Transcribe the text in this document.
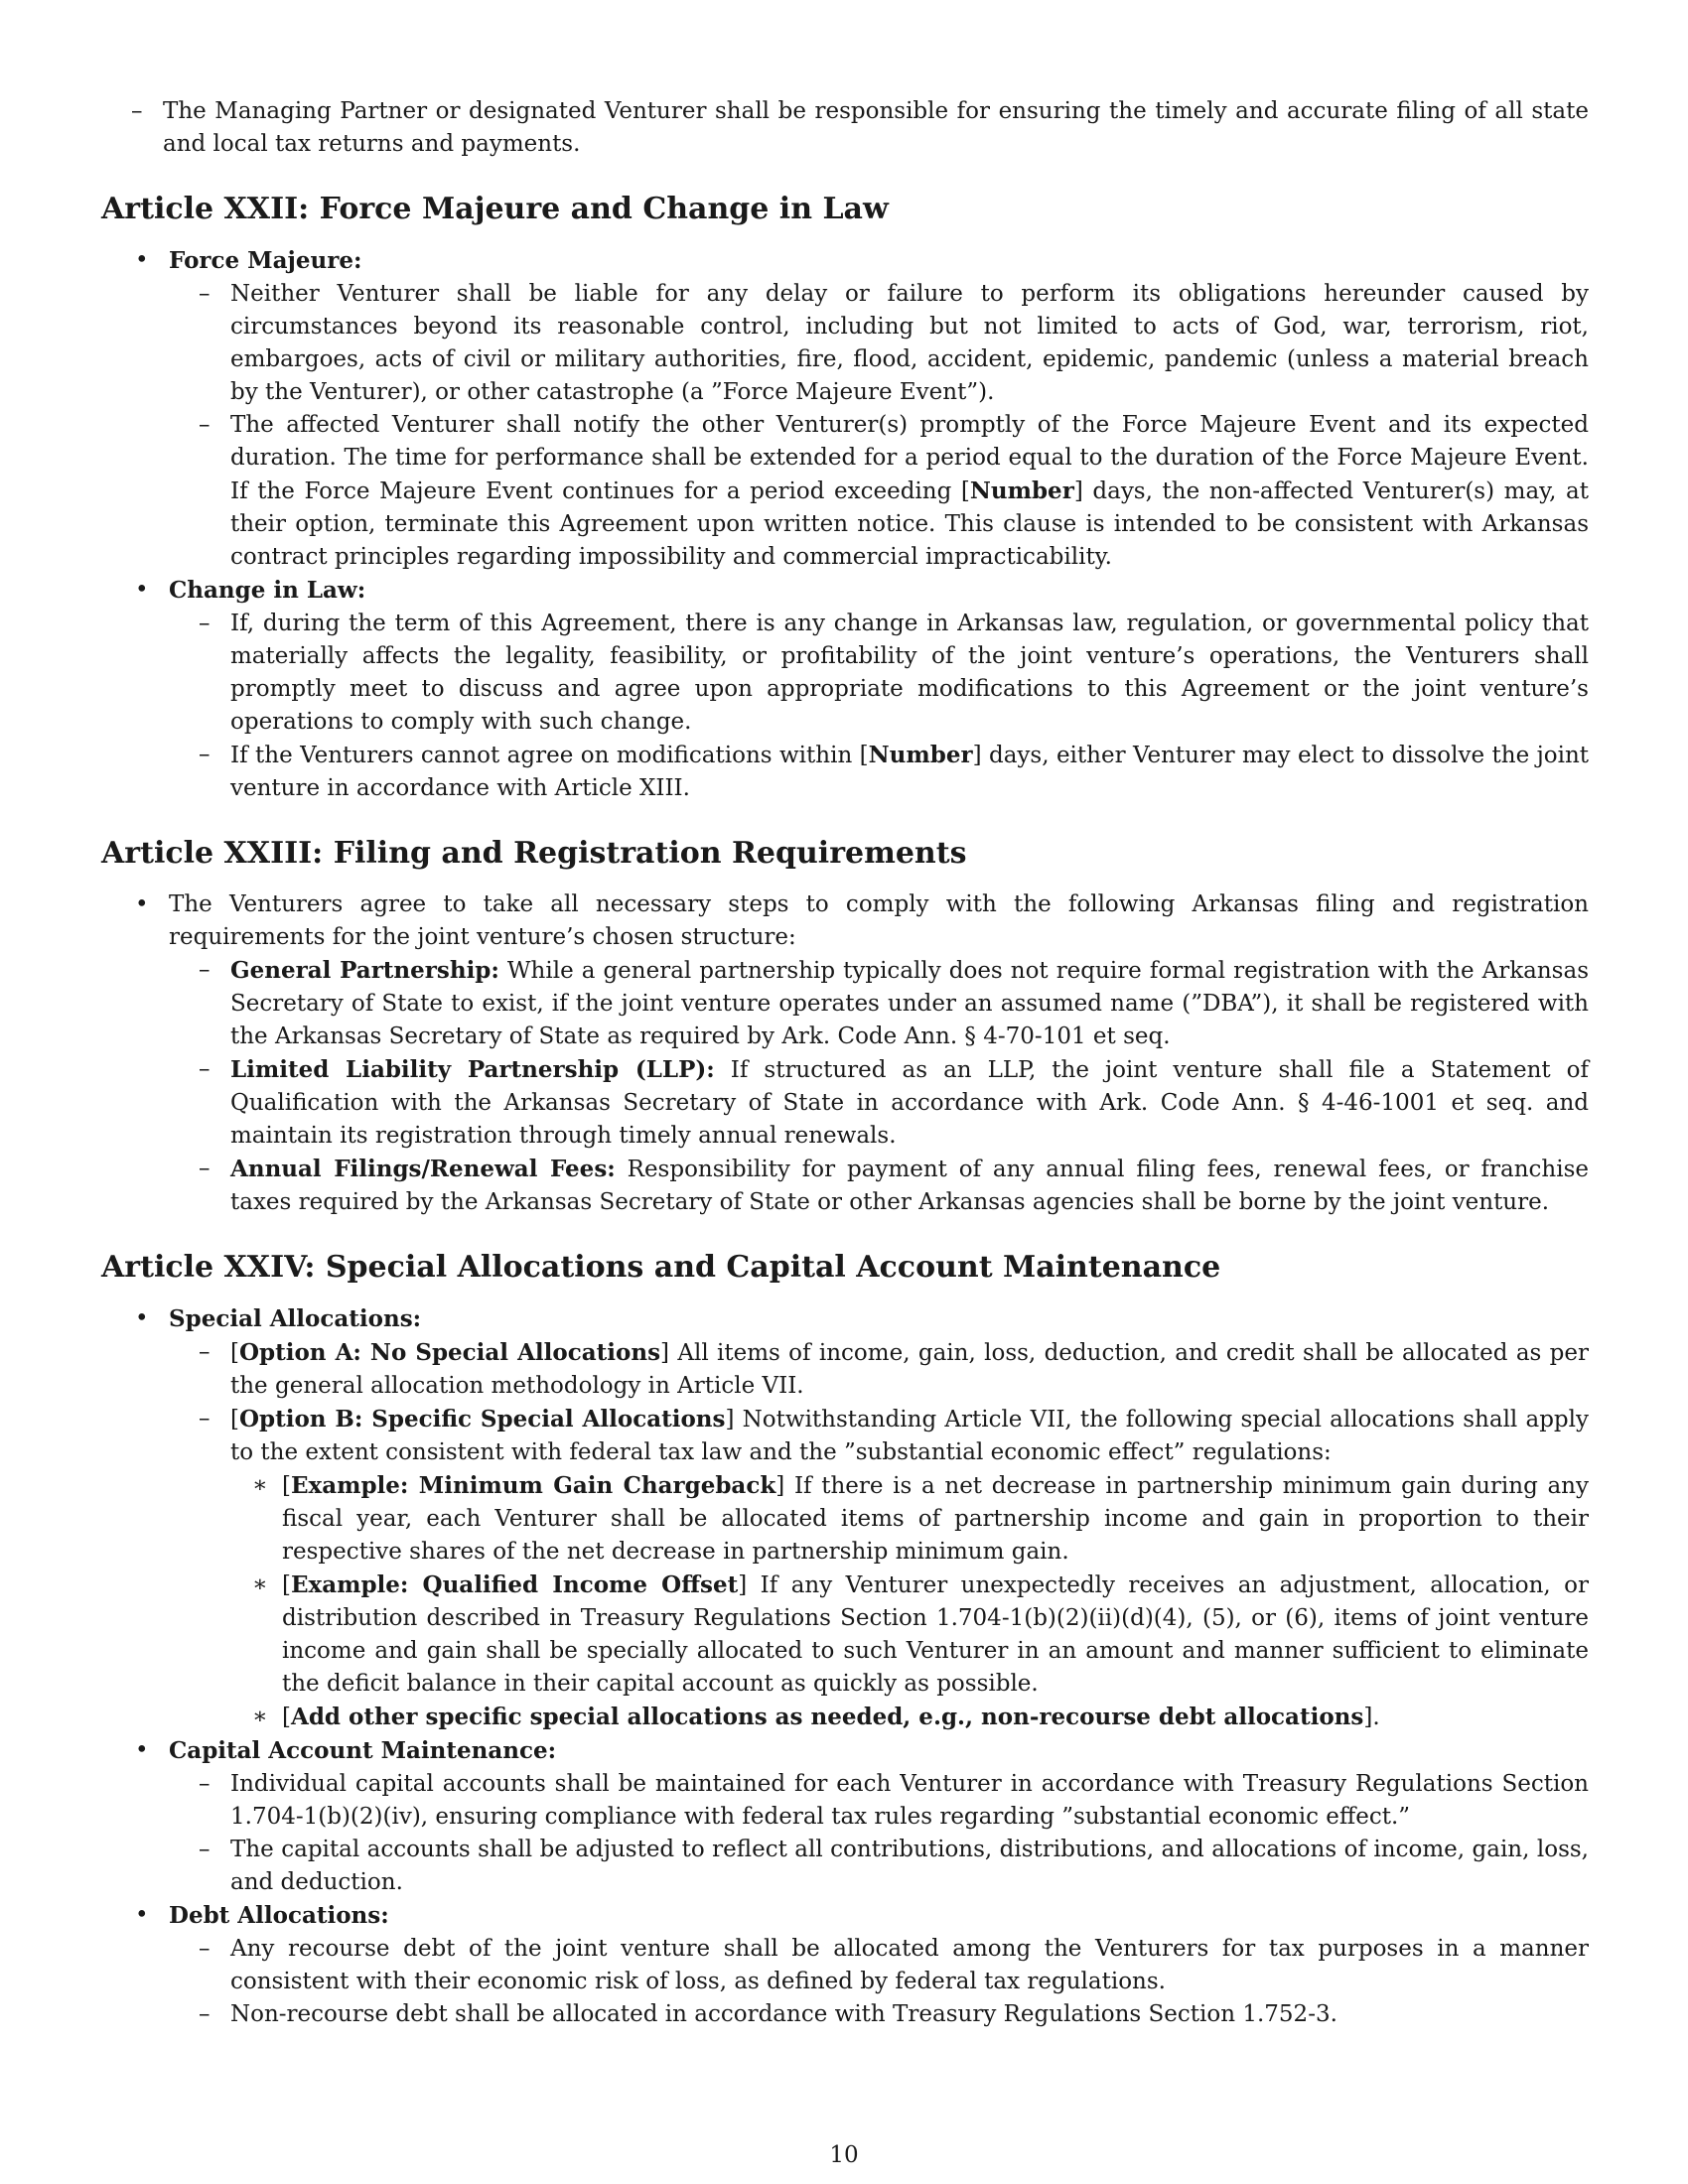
– The Managing Partner or designated Venturer shall be responsible for ensuring the timely and accurate filing of all state and local tax returns and payments.
Article XXII: Force Majeure and Change in Law
• Force Majeure:
– Neither Venturer shall be liable for any delay or failure to perform its obligations hereunder caused by circumstances beyond its reasonable control, including but not limited to acts of God, war, terrorism, riot, embargoes, acts of civil or military authorities, fire, flood, accident, epidemic, pandemic (unless a material breach by the Venturer), or other catastrophe (a ”Force Majeure Event”).
– The affected Venturer shall notify the other Venturer(s) promptly of the Force Majeure Event and its expected duration. The time for performance shall be extended for a period equal to the duration of the Force Majeure Event. If the Force Majeure Event continues for a period exceeding [Number] days, the non-affected Venturer(s) may, at their option, terminate this Agreement upon written notice. This clause is intended to be consistent with Arkansas contract principles regarding impossibility and commercial impracticability.
• Change in Law:
– If, during the term of this Agreement, there is any change in Arkansas law, regulation, or governmental policy that materially affects the legality, feasibility, or profitability of the joint venture’s operations, the Venturers shall promptly meet to discuss and agree upon appropriate modifications to this Agreement or the joint venture’s operations to comply with such change.
– If the Venturers cannot agree on modifications within [Number] days, either Venturer may elect to dissolve the joint venture in accordance with Article XIII.
Article XXIII: Filing and Registration Requirements
• The Venturers agree to take all necessary steps to comply with the following Arkansas filing and registration requirements for the joint venture’s chosen structure:
– General Partnership: While a general partnership typically does not require formal registration with the Arkansas Secretary of State to exist, if the joint venture operates under an assumed name (”DBA”), it shall be registered with the Arkansas Secretary of State as required by Ark. Code Ann. § 4-70-101 et seq.
– Limited Liability Partnership (LLP): If structured as an LLP, the joint venture shall file a Statement of Qualification with the Arkansas Secretary of State in accordance with Ark. Code Ann. § 4-46-1001 et seq. and maintain its registration through timely annual renewals.
– Annual Filings/Renewal Fees: Responsibility for payment of any annual filing fees, renewal fees, or franchise taxes required by the Arkansas Secretary of State or other Arkansas agencies shall be borne by the joint venture.
Article XXIV: Special Allocations and Capital Account Maintenance
• Special Allocations:
– [Option A: No Special Allocations] All items of income, gain, loss, deduction, and credit shall be allocated as per the general allocation methodology in Article VII.
– [Option B: Specific Special Allocations] Notwithstanding Article VII, the following special allocations shall apply to the extent consistent with federal tax law and the ”substantial economic effect” regulations:
∗ [Example: Minimum Gain Chargeback] If there is a net decrease in partnership minimum gain during any fiscal year, each Venturer shall be allocated items of partnership income and gain in proportion to their respective shares of the net decrease in partnership minimum gain.
∗ [Example: Qualified Income Offset] If any Venturer unexpectedly receives an adjustment, allocation, or distribution described in Treasury Regulations Section 1.704-1(b)(2)(ii)(d)(4), (5), or (6), items of joint venture income and gain shall be specially allocated to such Venturer in an amount and manner sufficient to eliminate the deficit balance in their capital account as quickly as possible.
∗ [Add other specific special allocations as needed, e.g., non-recourse debt allocations].
• Capital Account Maintenance:
– Individual capital accounts shall be maintained for each Venturer in accordance with Treasury Regulations Section 1.704-1(b)(2)(iv), ensuring compliance with federal tax rules regarding ”substantial economic effect.”
– The capital accounts shall be adjusted to reflect all contributions, distributions, and allocations of income, gain, loss, and deduction.
• Debt Allocations:
– Any recourse debt of the joint venture shall be allocated among the Venturers for tax purposes in a manner consistent with their economic risk of loss, as defined by federal tax regulations.
– Non-recourse debt shall be allocated in accordance with Treasury Regulations Section 1.752-3.
10
